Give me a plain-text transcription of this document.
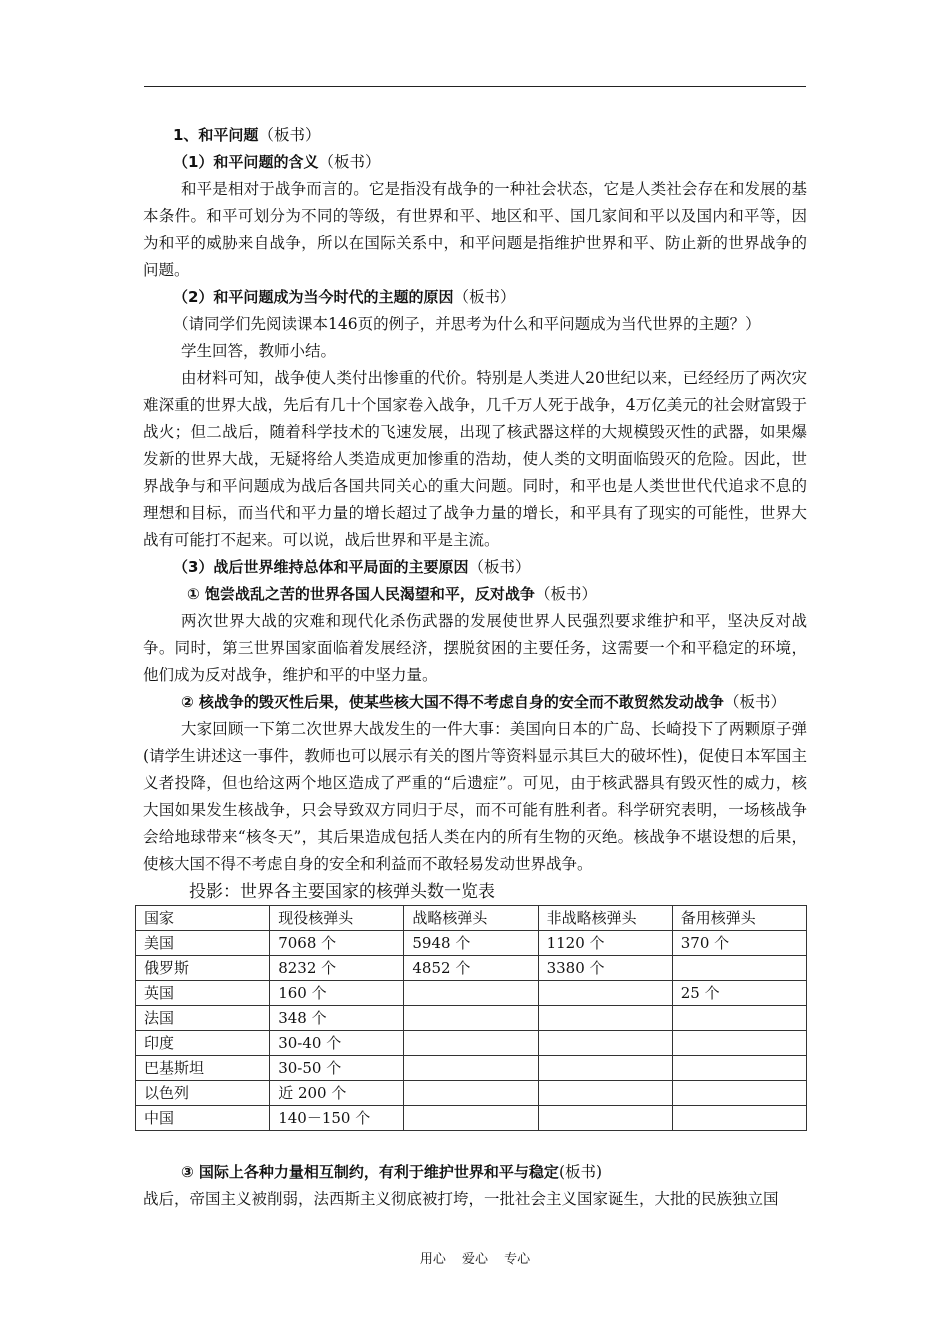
1、和平问题（板书）

（1）和平问题的含义（板书）

和平是相对于战争而言的。它是指没有战争的一种社会状态，它是人类社会存在和发展的基本条件。和平可划分为不同的等级，有世界和平、地区和平、国几家间和平以及国内和平等，因为和平的威胁来自战争，所以在国际关系中，和平问题是指维护世界和平、防止新的世界战争的问题。

（2）和平问题成为当今时代的主题的原因（板书）

（请同学们先阅读课本146页的例子，并思考为什么和平问题成为当代世界的主题？）

学生回答，教师小结。

由材料可知，战争使人类付出惨重的代价。特别是人类进人20世纪以来，已经经历了两次灾难深重的世界大战，先后有几十个国家卷入战争，几千万人死于战争，4万亿美元的社会财富毁于战火；但二战后，随着科学技术的飞速发展，出现了核武器这样的大规模毁灭性的武器，如果爆发新的世界大战，无疑将给人类造成更加惨重的浩劫，使人类的文明面临毁灭的危险。因此，世界战争与和平问题成为战后各国共同关心的重大问题。同时，和平也是人类世世代代追求不息的理想和目标，而当代和平力量的增长超过了战争力量的增长，和平具有了现实的可能性，世界大战有可能打不起来。可以说，战后世界和平是主流。

（3）战后世界维持总体和平局面的主要原因（板书）

① 饱尝战乱之苦的世界各国人民渴望和平，反对战争（板书）

两次世界大战的灾难和现代化杀伤武器的发展使世界人民强烈要求维护和平，坚决反对战争。同时，第三世界国家面临着发展经济，摆脱贫困的主要任务，这需要一个和平稳定的环境，他们成为反对战争，维护和平的中坚力量。

② 核战争的毁灭性后果，使某些核大国不得不考虑自身的安全而不敢贸然发动战争（板书）

大家回顾一下第二次世界大战发生的一件大事：美国向日本的广岛、长崎投下了两颗原子弹(请学生讲述这一事件，教师也可以展示有关的图片等资料显示其巨大的破坏性)，促使日本军国主义者投降，但也给这两个地区造成了严重的“后遗症”。可见，由于核武器具有毁灭性的威力，核大国如果发生核战争，只会导致双方同归于尽，而不可能有胜利者。科学研究表明，一场核战争会给地球带来“核冬天”，其后果造成包括人类在内的所有生物的灭绝。核战争不堪设想的后果，使核大国不得不考虑自身的安全和利益而不敢轻易发动世界战争。

投影：世界各主要国家的核弹头数一览表

国家	现役核弹头	战略核弹头	非战略核弹头	备用核弹头
美国	7068 个	5948 个	1120 个	370 个
俄罗斯	8232 个	4852 个	3380 个	
英国	160 个			25 个
法国	348 个			
印度	30-40 个			
巴基斯坦	30-50 个			
以色列	近 200 个			
中国	140－150 个			

③ 国际上各种力量相互制约，有利于维护世界和平与稳定(板书)

战后，帝国主义被削弱，法西斯主义彻底被打垮，一批社会主义国家诞生，大批的民族独立国

用心 爱心 专心
